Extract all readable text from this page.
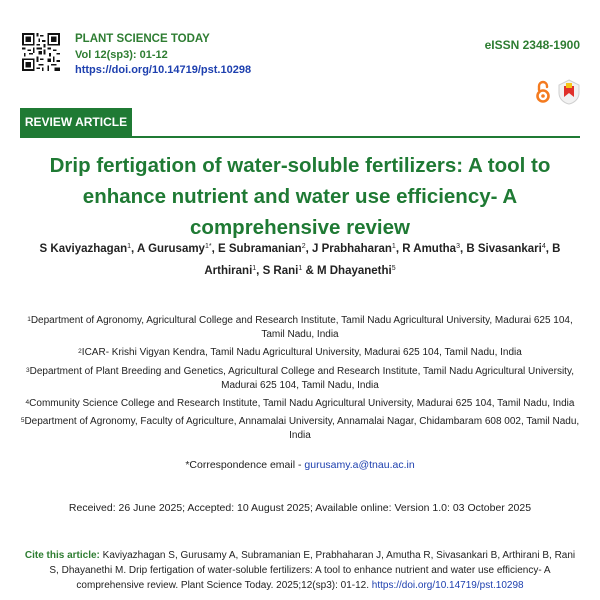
PLANT SCIENCE TODAY
Vol 12(sp3): 01-12
https://doi.org/10.14719/pst.10298
eISSN 2348-1900
REVIEW ARTICLE
Drip fertigation of water-soluble fertilizers: A tool to enhance nutrient and water use efficiency- A comprehensive review
S Kaviyazhagan$^1$, A Gurusamy$^{1*}$, E Subramanian$^2$, J Prabhaharan$^1$, R Amutha$^3$, B Sivasankari$^4$, B Arthirani$^1$, S Rani$^1$ & M Dhayanethi$^5$

$^1$Department of Agronomy, Agricultural College and Research Institute, Tamil Nadu Agricultural University, Madurai 625 104, Tamil Nadu, India

$^2$ICAR- Krishi Vigyan Kendra, Tamil Nadu Agricultural University, Madurai 625 104, Tamil Nadu, India

$^3$Department of Plant Breeding and Genetics, Agricultural College and Research Institute, Tamil Nadu Agricultural University, Madurai 625 104, Tamil Nadu, India

$^4$Community Science College and Research Institute, Tamil Nadu Agricultural University, Madurai 625 104, Tamil Nadu, India

$^5$Department of Agronomy, Faculty of Agriculture, Annamalai University, Annamalai Nagar, Chidambaram 608 002, Tamil Nadu, India

*Correspondence email - gurusamy.a@tnau.ac.in
Received: 26 June 2025; Accepted: 10 August 2025; Available online: Version 1.0: 03 October 2025
Cite this article: Kaviyazhagan S, Gurusamy A, Subramanian E, Prabhaharan J, Amutha R, Sivasankari B, Arthirani B, Rani S, Dhayanethi M. Drip fertigation of water-soluble fertilizers: A tool to enhance nutrient and water use efficiency- A comprehensive review. Plant Science Today. 2025;12(sp3): 01-12. https://doi.org/10.14719/pst.10298
